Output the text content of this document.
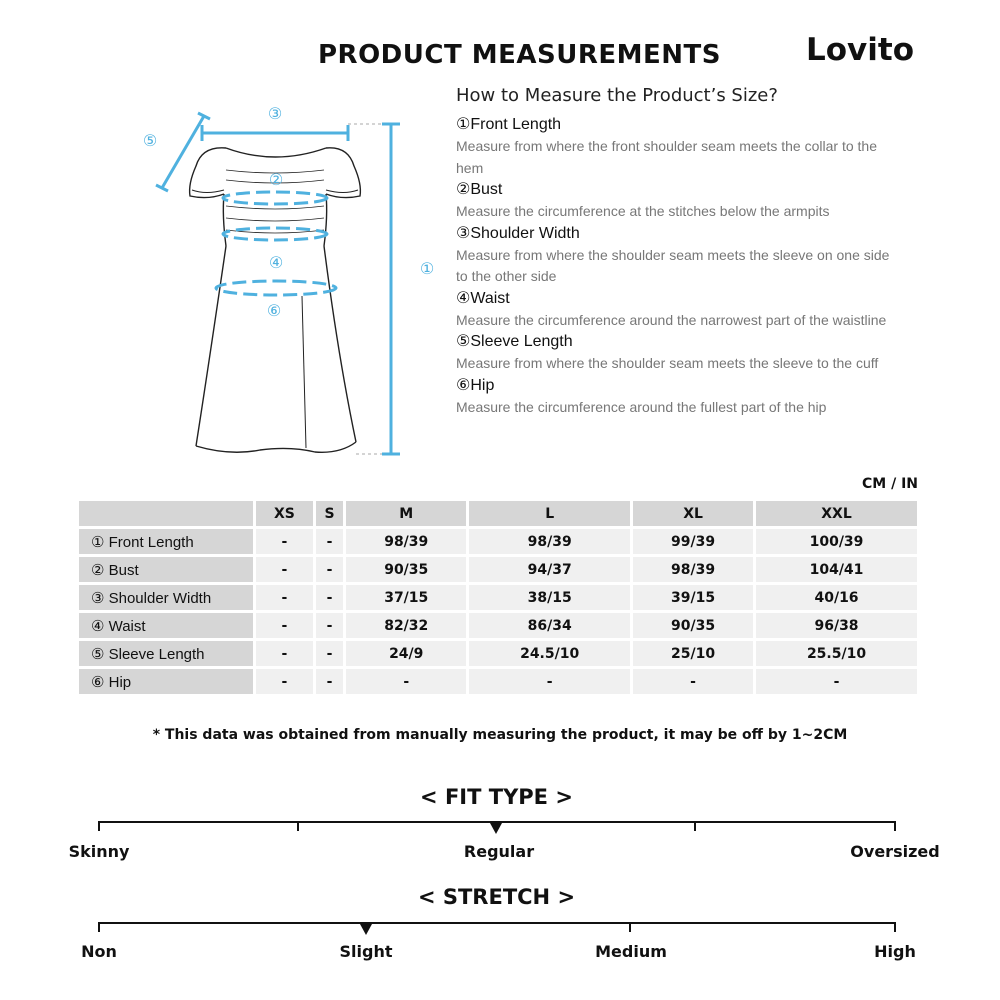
PRODUCT MEASUREMENTS	Lovito
③
⑤
②
④
⑥
①
How to Measure the Product’s Size?
①Front Length
Measure from where the front shoulder seam meets the collar to the hem
②Bust
Measure the circumference at the stitches below the armpits
③Shoulder Width
Measure from where the shoulder seam meets the sleeve on one side to the other side
④Waist
Measure the circumference around the narrowest part of the waistline
⑤Sleeve Length
Measure from where the shoulder seam meets the sleeve to the cuff
⑥Hip
Measure the circumference around the fullest part of the hip
CM / IN
	XS	S	M	L	XL	XXL
① Front Length	-	-	98/39	98/39	99/39	100/39
② Bust	-	-	90/35	94/37	98/39	104/41
③ Shoulder Width	-	-	37/15	38/15	39/15	40/16
④ Waist	-	-	82/32	86/34	90/35	96/38
⑤ Sleeve Length	-	-	24/9	24.5/10	25/10	25.5/10
⑥ Hip	-	-	-	-	-	-
* This data was obtained from manually measuring the product, it may be off by 1~2CM
< FIT TYPE >
Skinny	Regular	Oversized
< STRETCH >
Non	Slight	Medium	High
